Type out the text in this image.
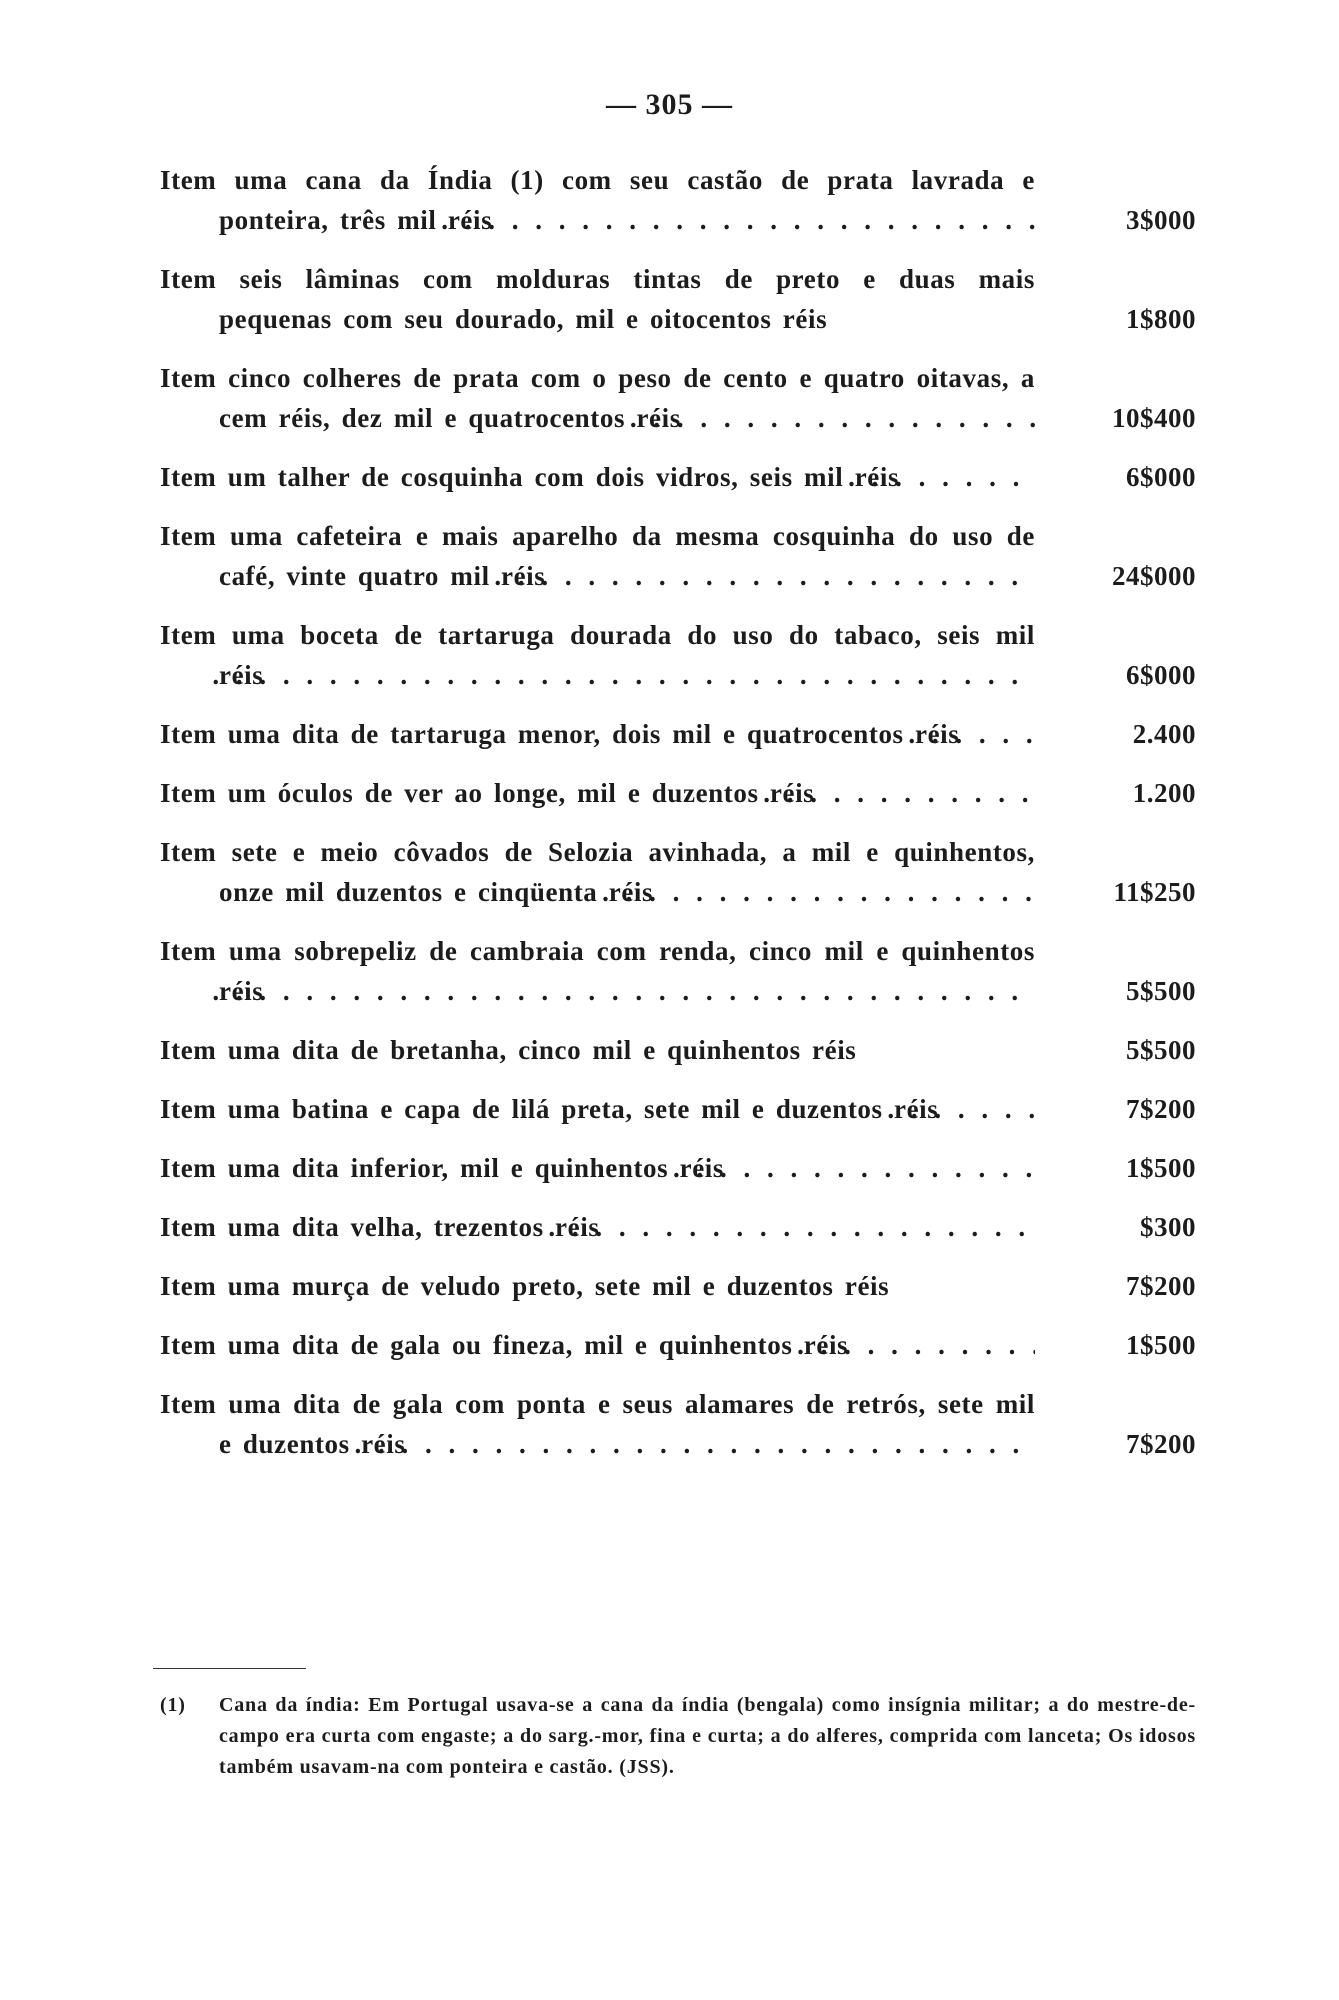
— 305 —
Item uma cana da Índia (1) com seu castão de prata lavrada e ponteira, três mil réis . . .	3$000
Item seis lâminas com molduras tintas de preto e duas mais pequenas com seu dourado, mil e oitocentos réis	1$800
Item cinco colheres de prata com o peso de cento e quatro oitavas, a cem réis, dez mil e quatrocentos réis . . .	10$400
Item um talher de cosquinha com dois vidros, seis mil réis . . .	6$000
Item uma cafeteira e mais aparelho da mesma cosquinha do uso de café, vinte quatro mil réis . . .	24$000
Item uma boceta de tartaruga dourada do uso do tabaco, seis mil réis . . .	6$000
Item uma dita de tartaruga menor, dois mil e quatrocentos réis . . .	2.400
Item um óculos de ver ao longe, mil e duzentos réis . . .	1.200
Item sete e meio côvados de Selozia avinhada, a mil e quinhentos, onze mil duzentos e cinqüenta réis . . .	11$250
Item uma sobrepeliz de cambraia com renda, cinco mil e quinhentos réis . . .	5$500
Item uma dita de bretanha, cinco mil e quinhentos réis	5$500
Item uma batina e capa de lilá preta, sete mil e duzentos réis . . .	7$200
Item uma dita inferior, mil e quinhentos réis . . .	1$500
Item uma dita velha, trezentos réis . . .	$300
Item uma murça de veludo preto, sete mil e duzentos réis	7$200
Item uma dita de gala ou fineza, mil e quinhentos réis . . .	1$500
Item uma dita de gala com ponta e seus alamares de retrós, sete mil e duzentos réis . . .	7$200
(1)	Cana da índia: Em Portugal usava-se a cana da índia (bengala) como insígnia militar; a do mestre-de-campo era curta com engaste; a do sarg.-mor, fina e curta; a do alferes, comprida com lanceta; Os idosos também usavam-na com ponteira e castão. (JSS).
